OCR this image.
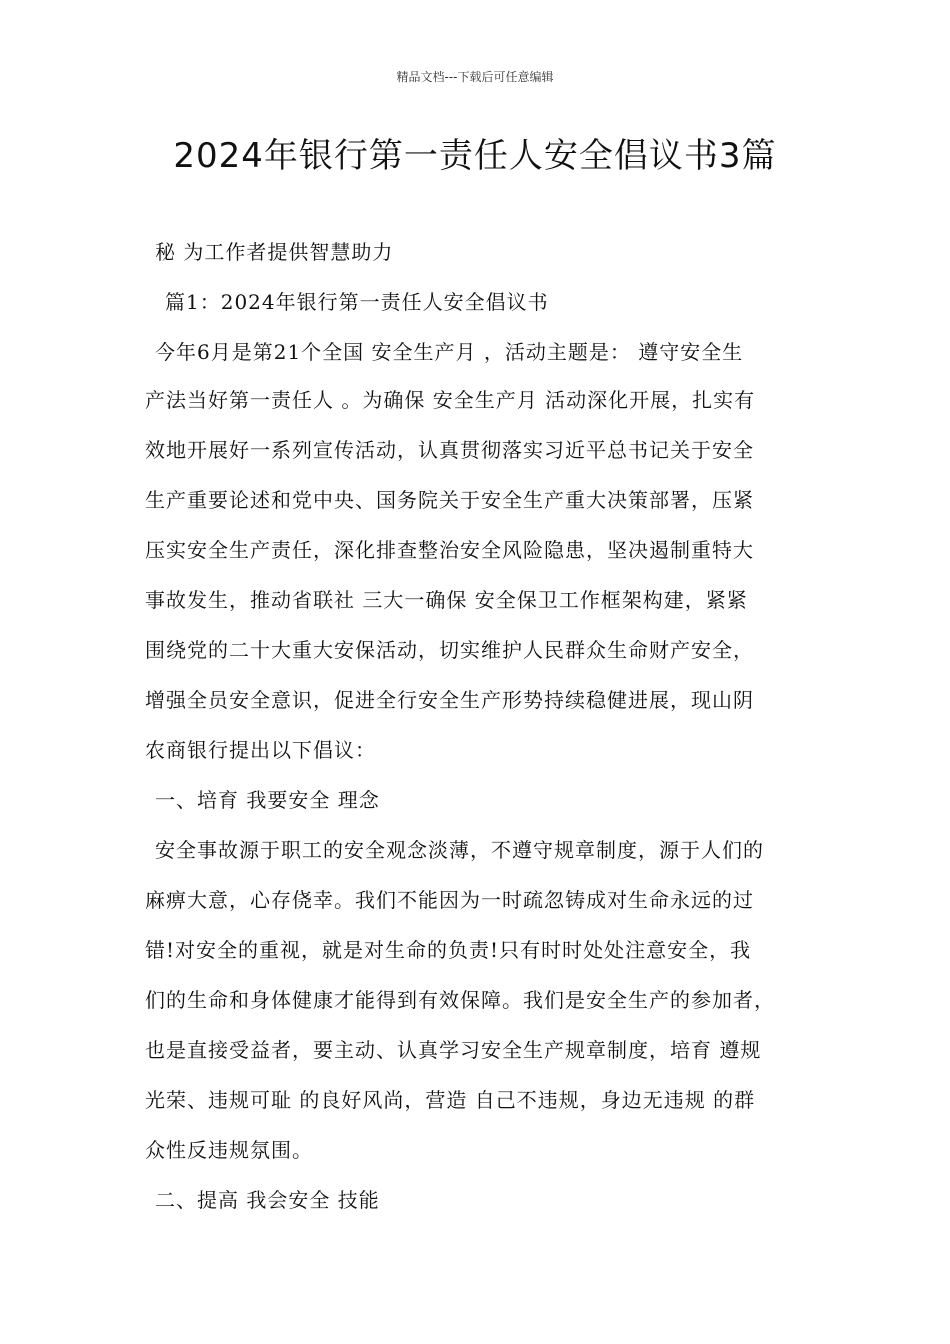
精品文档---下载后可任意编辑
2024年银行第一责任人安全倡议书3篇
秘 为工作者提供智慧助力
篇1：2024年银行第一责任人安全倡议书
今年6月是第21个全国 安全生产月 ，活动主题是： 遵守安全生
产法当好第一责任人 。为确保 安全生产月 活动深化开展，扎实有
效地开展好一系列宣传活动，认真贯彻落实习近平总书记关于安全
生产重要论述和党中央、国务院关于安全生产重大决策部署，压紧
压实安全生产责任，深化排查整治安全风险隐患，坚决遏制重特大
事故发生，推动省联社 三大一确保 安全保卫工作框架构建，紧紧
围绕党的二十大重大安保活动，切实维护人民群众生命财产安全，
增强全员安全意识，促进全行安全生产形势持续稳健进展，现山阴
农商银行提出以下倡议：
一、培育 我要安全 理念
安全事故源于职工的安全观念淡薄，不遵守规章制度，源于人们的
麻痹大意，心存侥幸。我们不能因为一时疏忽铸成对生命永远的过
错!对安全的重视，就是对生命的负责!只有时时处处注意安全，我
们的生命和身体健康才能得到有效保障。我们是安全生产的参加者，
也是直接受益者，要主动、认真学习安全生产规章制度，培育 遵规
光荣、违规可耻 的良好风尚，营造 自己不违规，身边无违规 的群
众性反违规氛围。
二、提高 我会安全 技能
